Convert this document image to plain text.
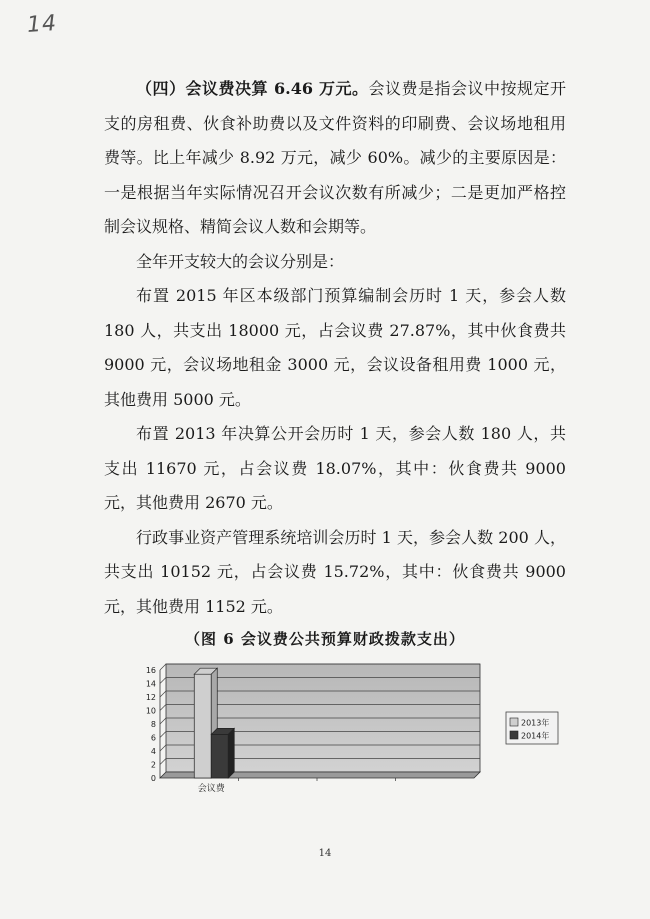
14

（四）会议费决算 6.46 万元。会议费是指会议中按规定开支的房租费、伙食补助费以及文件资料的印刷费、会议场地租用费等。比上年减少 8.92 万元，减少 60%。减少的主要原因是：一是根据当年实际情况召开会议次数有所减少；二是更加严格控制会议规格、精简会议人数和会期等。

全年开支较大的会议分别是：

布置 2015 年区本级部门预算编制会历时 1 天，参会人数 180 人，共支出 18000 元，占会议费 27.87%，其中伙食费共 9000 元，会议场地租金 3000 元，会议设备租用费 1000 元，其他费用 5000 元。

布置 2013 年决算公开会历时 1 天，参会人数 180 人，共支出 11670 元，占会议费 18.07%，其中：伙食费共 9000 元，其他费用 2670 元。

行政事业资产管理系统培训会历时 1 天，参会人数 200 人，共支出 10152 元，占会议费 15.72%，其中：伙食费共 9000 元，其他费用 1152 元。

（图 6 会议费公共预算财政拨款支出）
0
2
4
6
8
10
12
14
16
会议费
2013年
2014年
14
